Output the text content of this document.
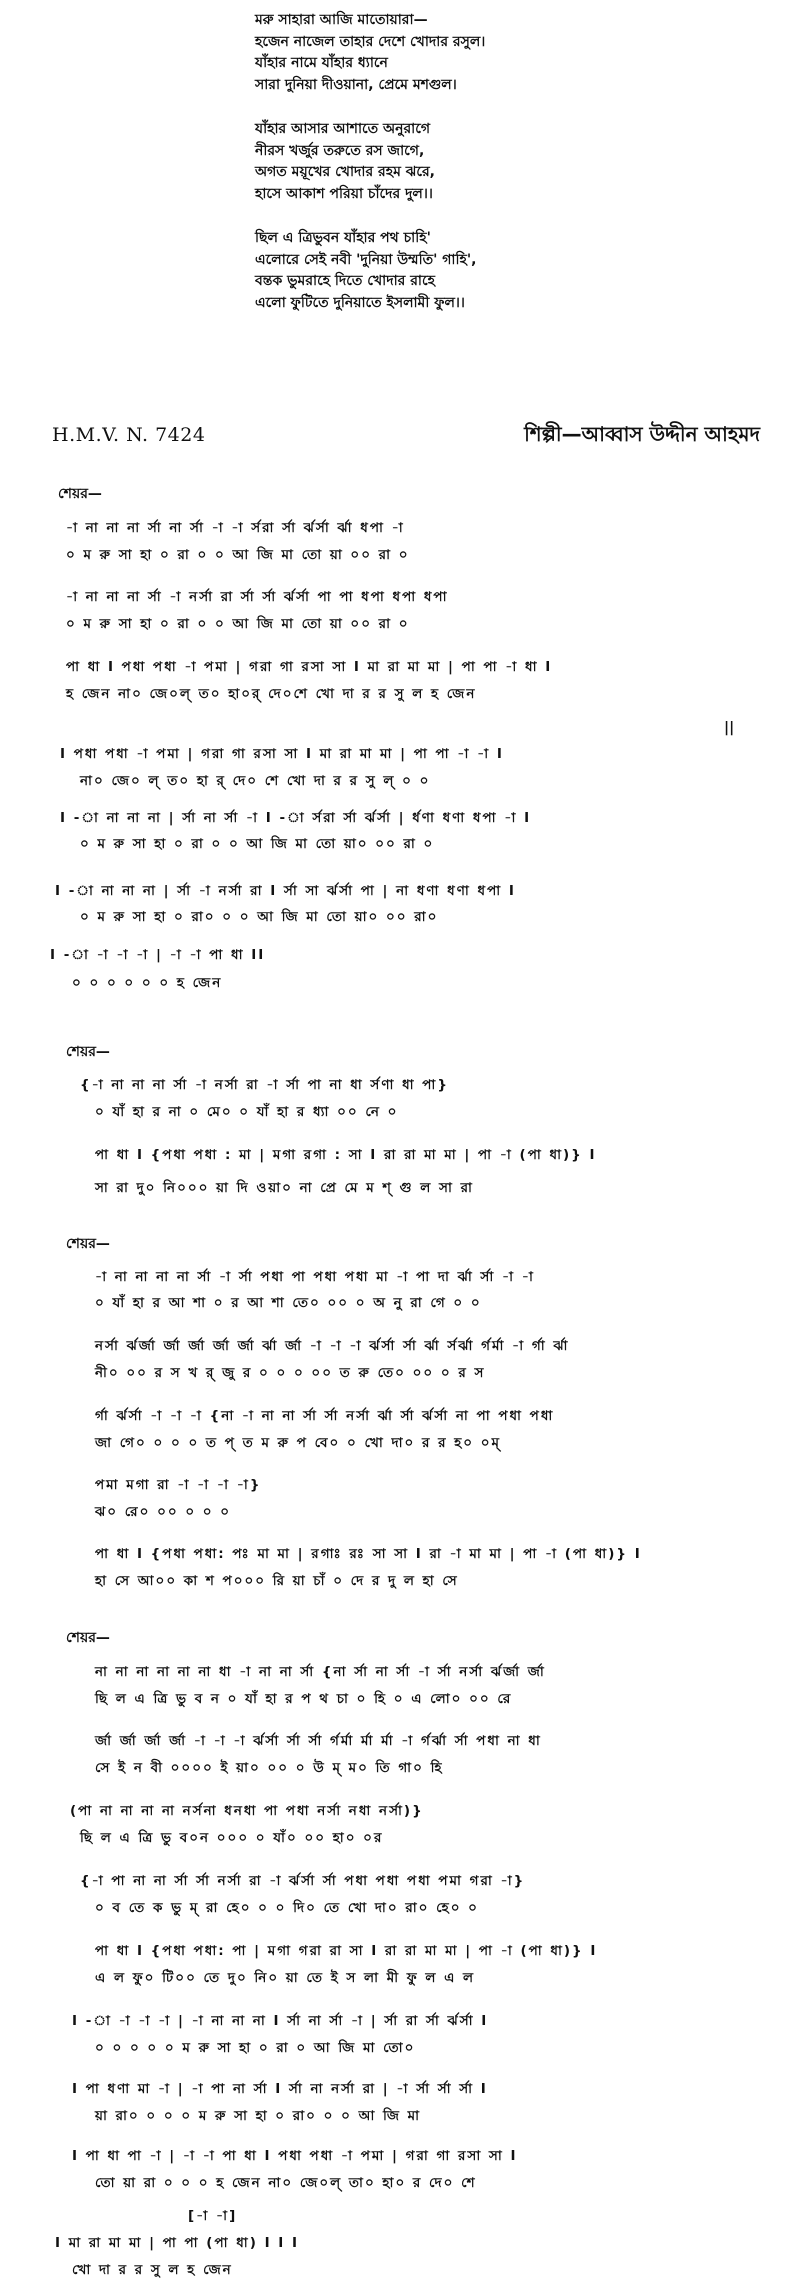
মরু সাহারা আজি মাতোয়ারা—
হজেন নাজেল তাহার দেশে খোদার রসুল।
যাঁহার নামে যাঁহার ধ্যানে
সারা দুনিয়া দীওয়ানা, প্রেমে মশগুল।
যাঁহার আসার আশাতে অনুরাগে
নীরস খর্জুর তরুতে রস জাগে,
অগত ময়ূখের খোদার রহম ঝরে,
হাসে আকাশ পরিয়া চাঁদের দুল।।
ছিল এ ত্রিভুবন যাঁহার পথ চাহি'
এলোরে সেই নবী 'দুনিয়া উম্মতি' গাহি',
বন্তক ভুমরাহে দিতে খোদার রাহে
এলো ফুটিতে দুনিয়াতে ইসলামী ফুল।।
H.M.V. N. 7424	শিল্পী—আব্বাস উদ্দীন আহমদ
শেয়র—
-া না না না র্সা না র্সা -া -া র্সরা র্সা র্ঝর্সা র্ঝা ধপা -া
০ ম রু সা হা ০ রা ০ ০ আ জি মা তো য়া ০০ রা ০
-া না না না র্সা -া নর্সা রা র্সা র্সা র্ঝর্সা পা পা ধপা ধপা ধপা
০ ম রু সা হা ০ রা ০ ০ আ জি মা তো য়া ০০ রা ০
পা ধা I পধা পধা -া পমা | গরা গা রসা সা I মা রা মা মা | পা পা -া ধা I
হ জেন না০ জে০ল্ ত০ হা০র্ দে০শে খো দা র র সু ল হ জেন
||
I পধা পধা -া পমা | গরা গা রসা সা I মা রা মা মা | পা পা -া -া I
না০ জে০ ল্ ত০ হা র্ দে০ শে খো দা র র সু ল্ ০ ০
I -া না না না | র্সা না র্সা -া I -া র্সরা র্সা র্ঝর্সা | র্ধণা ধণা ধপা -া I
০ ম রু সা হা ০ রা ০ ০ আ জি মা তো য়া০ ০০ রা ০
I -া না না না | র্সা -া নর্সা রা I র্সা সা র্ঝর্সা পা | না ধণা ধণা ধপা I
০ ম রু সা হা ০ রা০ ০ ০ আ জি মা তো য়া০ ০০ রা০
I -া -া -া -া | -া -া পা ধা II
০ ০ ০ ০ ০ ০ হ জেন
শেয়র—
{-া না না না র্সা -া নর্সা রা -া র্সা পা না ধা র্সণা ধা পা}
০ যাঁ হা র না ০ মে০ ০ যাঁ হা র ধ্যা ০০ নে ০
পা ধা I {পধা পধা : মা | মগা রগা : সা I রা রা মা মা | পা -া (পা ধা)} I
সা রা দু০ নি০০০ য়া দি ওয়া০ না প্রে মে ম শ্ গু ল সা রা
শেয়র—
-া না না না না র্সা -া র্সা পধা পা পধা পধা মা -া পা দা র্ঝা র্সা -া -া
০ যাঁ হা র আ শা ০ র আ শা তে০ ০০ ০ অ নু রা গে ০ ০
নর্সা র্ঝর্জা র্জা র্জা র্জা র্জা র্ঝা র্জা -া -া -া র্ঝর্সা র্সা র্ঝা র্সর্ঝা র্গর্মা -া র্গা র্ঝা
নী০ ০০ র স খ র্ জু র ০ ০ ০ ০০ ত রু তে০ ০০ ০ র স
র্গা র্ঝর্সা -া -া -া {না -া না না র্সা র্সা নর্সা র্ঝা র্সা র্ঝর্সা না পা পধা পধা
জা গে০ ০ ০ ০ ত প্ ত ম রু প বে০ ০ খো দা০ র র হ০ ০ম্
পমা মগা রা -া -া -া -া}
ঝ০ রে০ ০০ ০ ০ ০
পা ধা I {পধা পধা: পঃ মা মা | রগাঃ রঃ সা সা I রা -া মা মা | পা -া (পা ধা)} I
হা সে আ০০ কা শ প০০০ রি য়া চাঁ ০ দে র দু ল হা সে
শেয়র—
না না না না না না ধা -া না না র্সা {না র্সা না র্সা -া র্সা নর্সা র্ঝর্জা র্জা
ছি ল এ ত্রি ভু ব ন ০ যাঁ হা র প থ চা ০ হি ০ এ লো০ ০০ রে
র্জা র্জা র্জা র্জা -া -া -া র্ঝর্সা র্সা র্সা র্গর্মা র্মা র্মা -া র্গর্ঝা র্সা পধা না ধা
সে ই ন বী ০০০০ ই য়া০ ০০ ০ উ ম্ ম০ তি গা০ হি
(পা না না না না নর্সনা ধনধা পা পধা নর্সা নধা নর্সা)}
ছি ল এ ত্রি ভু ব০ন ০০০ ০ যাঁ০ ০০ হা০ ০র
{-া পা না না র্সা র্সা নর্সা রা -া র্ঝর্সা র্সা পধা পধা পধা পমা গরা -া}
০ ব তে ক ভু ম্ রা হে০ ০ ০ দি০ তে খো দা০ রা০ হে০ ০
পা ধা I {পধা পধা: পা | মগা গরা রা সা I রা রা মা মা | পা -া (পা ধা)} I
এ ল ফু০ টি০০ তে দু০ নি০ য়া তে ই স লা মী ফু ল এ ল
I -া -া -া -া | -া না না না I র্সা না র্সা -া | র্সা রা র্সা র্ঝর্সা I
০ ০ ০ ০ ০ ম রু সা হা ০ রা ০ আ জি মা তো০
I পা ধণা মা -া | -া পা না র্সা I র্সা না নর্সা রা | -া র্সা র্সা র্সা I
য়া রা০ ০ ০ ০ ম রু সা হা ০ রা০ ০ ০ আ জি মা
I পা ধা পা -া | -া -া পা ধা I পধা পধা -া পমা | গরা গা রসা সা I
তো য়া রা ০ ০ ০ হ জেন না০ জে০ল্ তা০ হা০ র দে০ শে
[-া -া]
I মা রা মা মা | পা পা (পা ধা) I I I
খো দা র র সু ল হ জেন
